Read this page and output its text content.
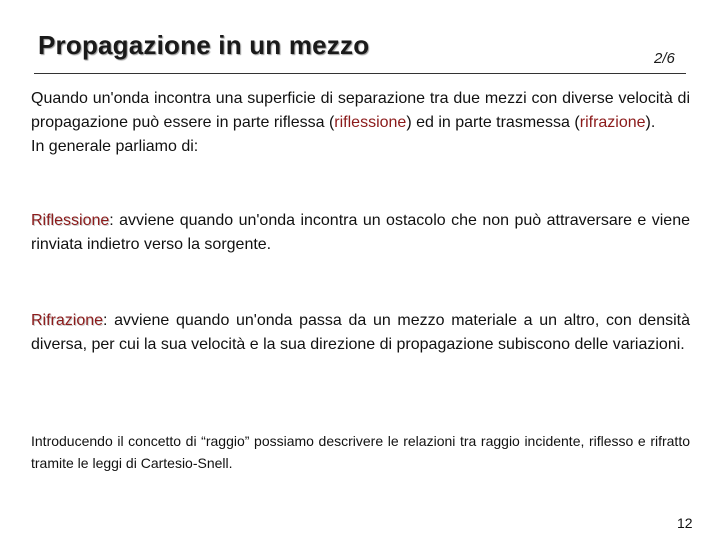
Propagazione in un mezzo	2/6
Quando un'onda incontra una superficie di separazione tra due mezzi con diverse velocità di propagazione può essere in parte riflessa (riflessione) ed in parte trasmessa (rifrazione).
In generale parliamo di:
Riflessione: avviene quando un'onda incontra un ostacolo che non può attraversare e viene rinviata indietro verso la sorgente.
Rifrazione: avviene quando un'onda passa da un mezzo materiale a un altro, con densità diversa, per cui la sua velocità e la sua direzione di propagazione subiscono delle variazioni.
Introducendo il concetto di “raggio” possiamo descrivere le relazioni tra raggio incidente, riflesso e rifratto tramite le leggi di Cartesio-Snell.
12
